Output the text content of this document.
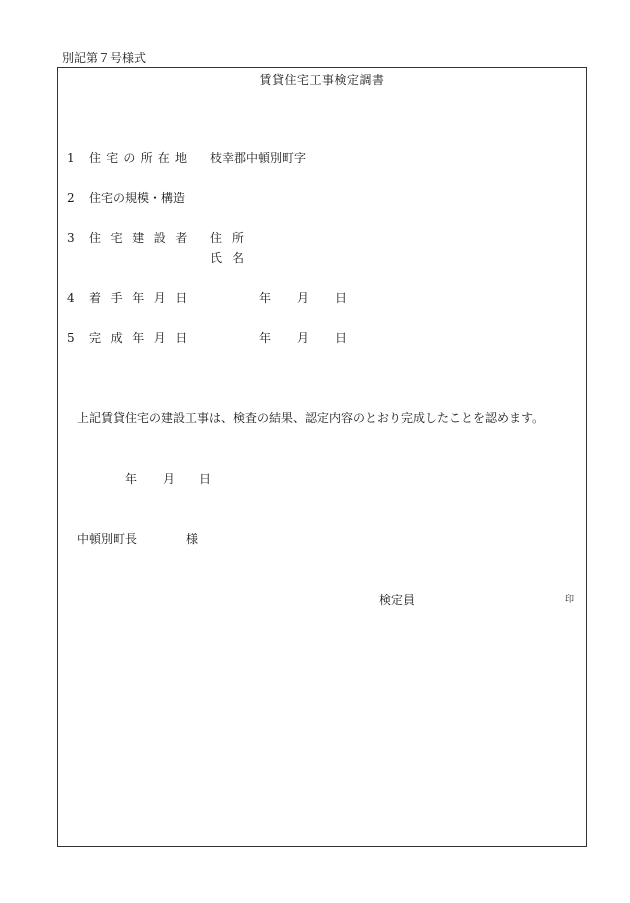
別記第７号様式
賃貸住宅工事検定調書
1 住宅の所在地 枝幸郡中頓別町字
2 住宅の規模・構造
3 住宅建設者 住所
氏名
4 着手年月日	年 月 日
5 完成年月日	年 月 日
上記賃貸住宅の建設工事は、検査の結果、認定内容のとおり完成したことを認めます。
年 月 日
中頓別町長	様
検定員	印
